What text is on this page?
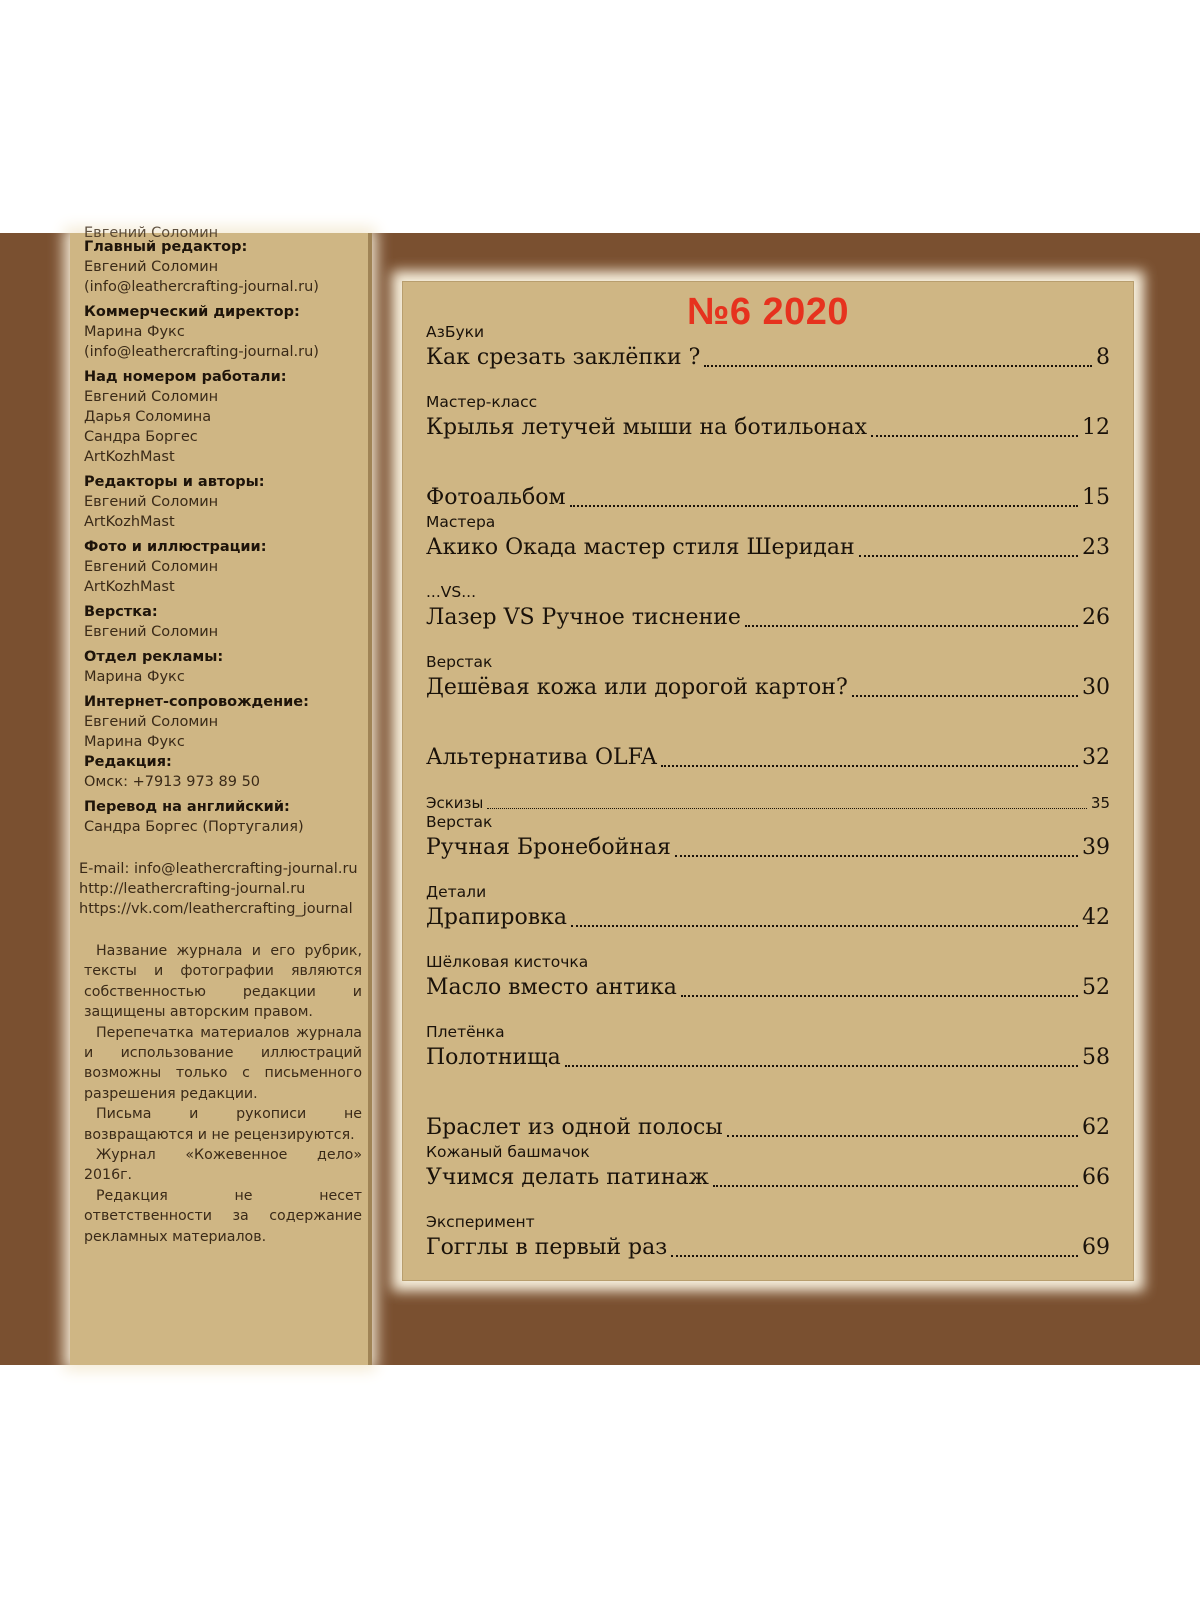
Евгений Соломин
Главный редактор:
Евгений Соломин
(info@leathercrafting-journal.ru)
Коммерческий директор:
Марина Фукс
(info@leathercrafting-journal.ru)
Над номером работали:
Евгений Соломин
Дарья Соломина
Сандра Боргес
ArtKozhMast
Редакторы и авторы:
Евгений Соломин
ArtKozhMast
Фото и иллюстрации:
Евгений Соломин
ArtKozhMast
Верстка:
Евгений Соломин
Отдел рекламы:
Марина Фукс
Интернет-сопровождение:
Евгений Соломин
Марина Фукс
Редакция:
Омск: +7913 973 89 50
Перевод на английский:
Сандра Боргес (Португалия)
E-mail: info@leathercrafting-journal.ru
http://leathercrafting-journal.ru
https://vk.com/leathercrafting_journal

Название журнала и его рубрик, тексты и фотографии являются собственностью редакции и защищены авторским правом.

Перепечатка материалов журнала и использование иллюстраций возможны только с письменного разрешения редакции.

Письма и рукописи не возвращаются и не рецензируются.

Журнал «Кожевенное дело» 2016г.

Редакция не несет ответственности за содержание рекламных материалов.

№6 2020
АзБуки
Как срезать заклёпки ?	8
Мастер-класс
Крылья летучей мыши на ботильонах	12
Фотоальбом	15
Мастера
Акико Окада мастер стиля Шеридан	23
...VS...
Лазер VS Ручное тиснение	26
Верстак
Дешёвая кожа или дорогой картон?	30
Альтернатива OLFA	32
Эскизы	35
Верстак
Ручная Бронебойная	39
Детали
Драпировка	42
Шёлковая кисточка
Масло вместо антика	52
Плетёнка
Полотнища	58
Браслет из одной полосы	62
Кожаный башмачок
Учимся делать патинаж	66
Эксперимент
Гогглы в первый раз	69
